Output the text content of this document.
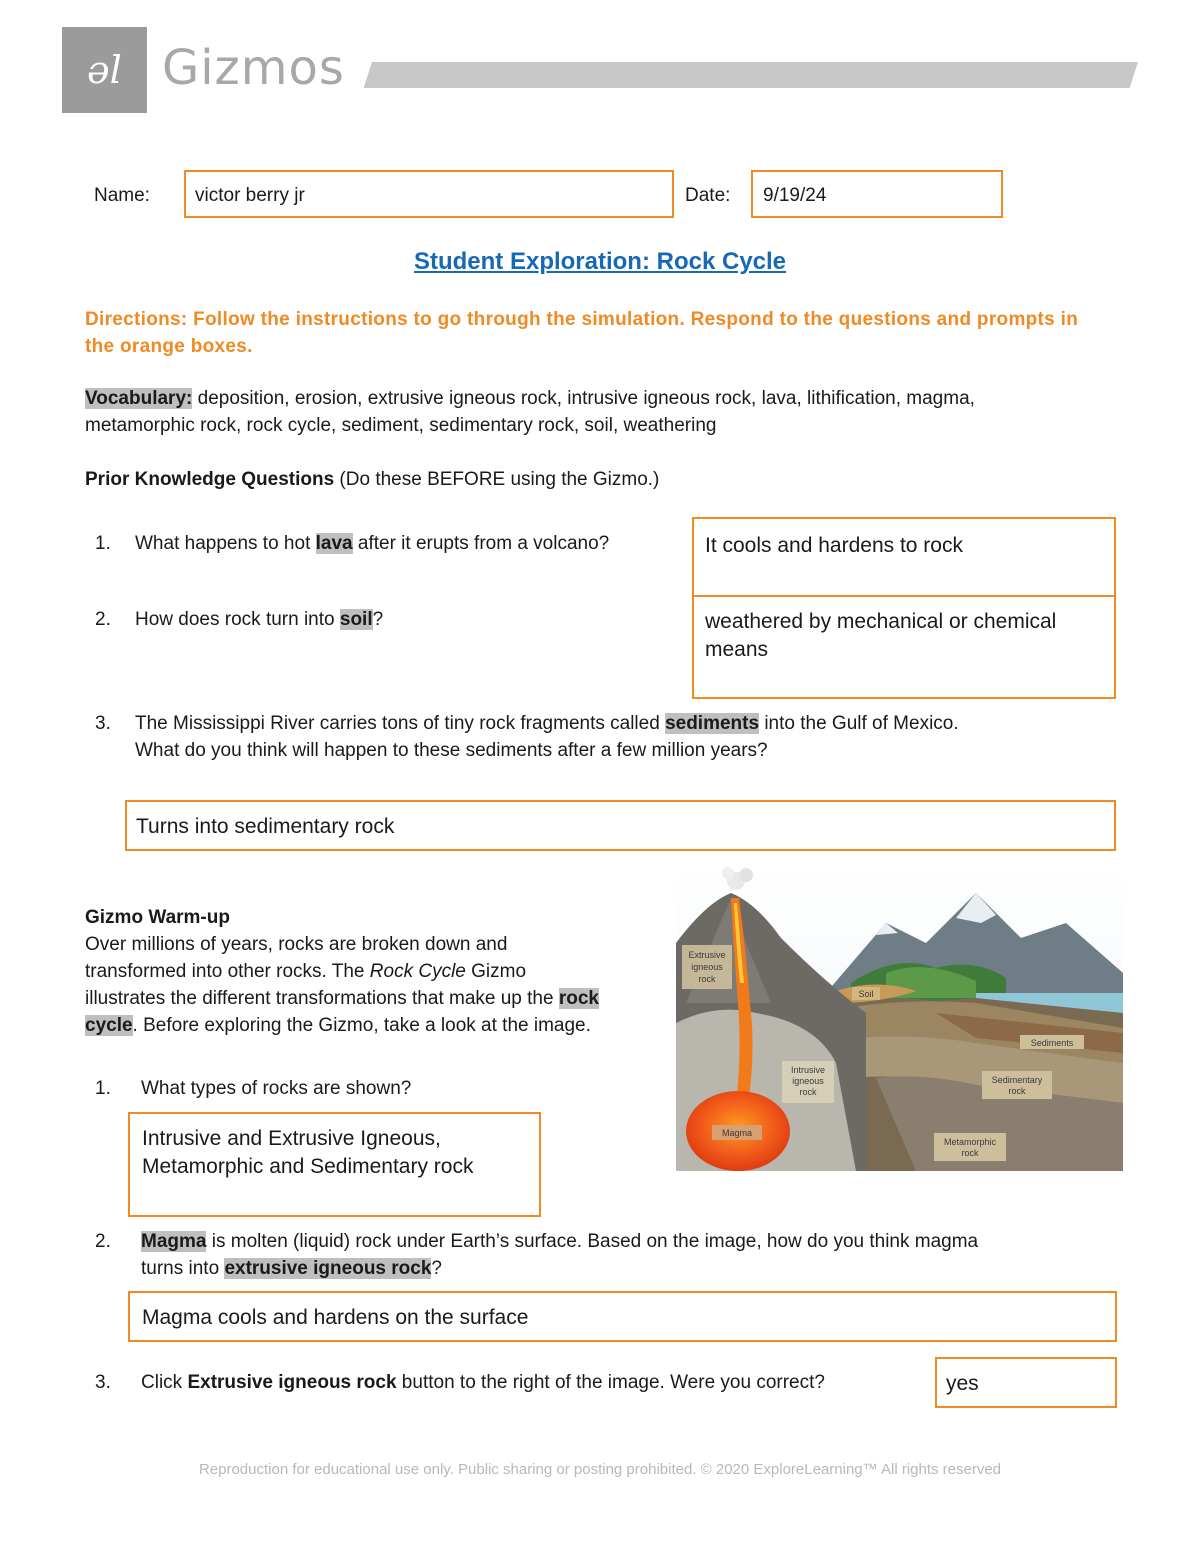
əl Gizmos
Name: victor berry jr	Date: 9/19/24
Student Exploration: Rock Cycle
Directions: Follow the instructions to go through the simulation. Respond to the questions and prompts in the orange boxes.
Vocabulary: deposition, erosion, extrusive igneous rock, intrusive igneous rock, lava, lithification, magma,
metamorphic rock, rock cycle, sediment, sedimentary rock, soil, weathering
Prior Knowledge Questions (Do these BEFORE using the Gizmo.)
1. What happens to hot lava after it erupts from a volcano?	It cools and hardens to rock
2. How does rock turn into soil?	weathered by mechanical or chemical means
3. The Mississippi River carries tons of tiny rock fragments called sediments into the Gulf of Mexico.
What do you think will happen to these sediments after a few million years?
Turns into sedimentary rock
Gizmo Warm-up
Over millions of years, rocks are broken down and
transformed into other rocks. The Rock Cycle Gizmo
illustrates the different transformations that make up the rock
cycle. Before exploring the Gizmo, take a look at the image.
1. What types of rocks are shown?
Intrusive and Extrusive Igneous, Metamorphic and Sedimentary rock
Extrusive
igneous
rock
Soil
Sediments
Intrusive
igneous
rock
Sedimentary
rock
Magma
Metamorphic
rock
2. Magma is molten (liquid) rock under Earth’s surface. Based on the image, how do you think magma
turns into extrusive igneous rock?
Magma cools and hardens on the surface
3. Click Extrusive igneous rock button to the right of the image. Were you correct?	yes
Reproduction for educational use only. Public sharing or posting prohibited. © 2020 ExploreLearning™ All rights reserved
